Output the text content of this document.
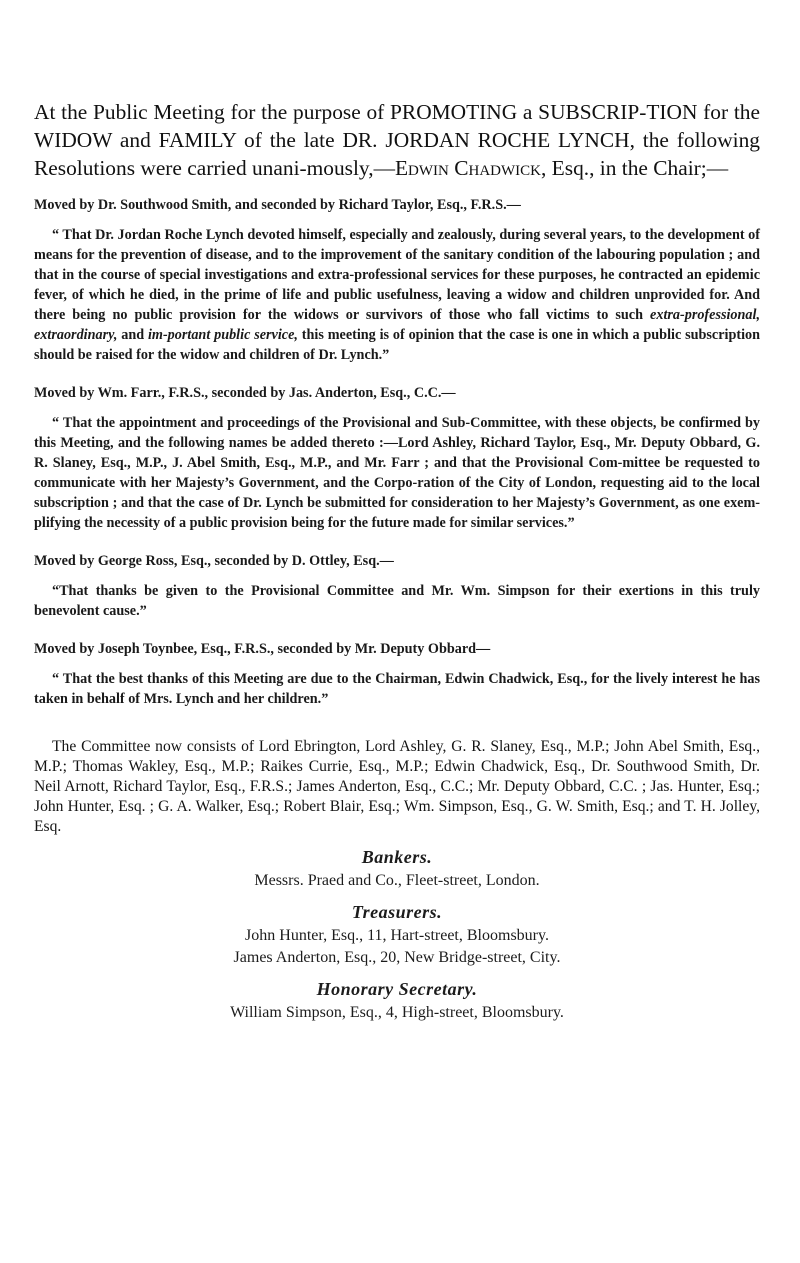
At the Public Meeting for the purpose of PROMOTING a SUBSCRIP-TION for the WIDOW and FAMILY of the late DR. JORDAN ROCHE LYNCH, the following Resolutions were carried unani-mously,—Edwin Chadwick, Esq., in the Chair;—

Moved by Dr. Southwood Smith, and seconded by Richard Taylor, Esq., F.R.S.—

“ That Dr. Jordan Roche Lynch devoted himself, especially and zealously, during several years, to the development of means for the prevention of disease, and to the improvement of the sanitary condition of the labouring population ; and that in the course of special investigations and extra-professional services for these purposes, he contracted an epidemic fever, of which he died, in the prime of life and public usefulness, leaving a widow and children unprovided for. And there being no public provision for the widows or survivors of those who fall victims to such extra-professional, extraordinary, and im-portant public service, this meeting is of opinion that the case is one in which a public subscription should be raised for the widow and children of Dr. Lynch.”

Moved by Wm. Farr., F.R.S., seconded by Jas. Anderton, Esq., C.C.—

“ That the appointment and proceedings of the Provisional and Sub-Committee, with these objects, be confirmed by this Meeting, and the following names be added thereto :—Lord Ashley, Richard Taylor, Esq., Mr. Deputy Obbard, G. R. Slaney, Esq., M.P., J. Abel Smith, Esq., M.P., and Mr. Farr ; and that the Provisional Com-mittee be requested to communicate with her Majesty’s Government, and the Corpo-ration of the City of London, requesting aid to the local subscription ; and that the case of Dr. Lynch be submitted for consideration to her Majesty’s Government, as one exem-plifying the necessity of a public provision being for the future made for similar services.”

Moved by George Ross, Esq., seconded by D. Ottley, Esq.—

“That thanks be given to the Provisional Committee and Mr. Wm. Simpson for their exertions in this truly benevolent cause.”

Moved by Joseph Toynbee, Esq., F.R.S., seconded by Mr. Deputy Obbard—

“ That the best thanks of this Meeting are due to the Chairman, Edwin Chadwick, Esq., for the lively interest he has taken in behalf of Mrs. Lynch and her children.”

The Committee now consists of Lord Ebrington, Lord Ashley, G. R. Slaney, Esq., M.P.; John Abel Smith, Esq., M.P.; Thomas Wakley, Esq., M.P.; Raikes Currie, Esq., M.P.; Edwin Chadwick, Esq., Dr. Southwood Smith, Dr. Neil Arnott, Richard Taylor, Esq., F.R.S.; James Anderton, Esq., C.C.; Mr. Deputy Obbard, C.C. ; Jas. Hunter, Esq.; John Hunter, Esq. ; G. A. Walker, Esq.; Robert Blair, Esq.; Wm. Simpson, Esq., G. W. Smith, Esq.; and T. H. Jolley, Esq.

Bankers.

Messrs. Praed and Co., Fleet-street, London.

Treasurers.

John Hunter, Esq., 11, Hart-street, Bloomsbury.

James Anderton, Esq., 20, New Bridge-street, City.

Honorary Secretary.

William Simpson, Esq., 4, High-street, Bloomsbury.
